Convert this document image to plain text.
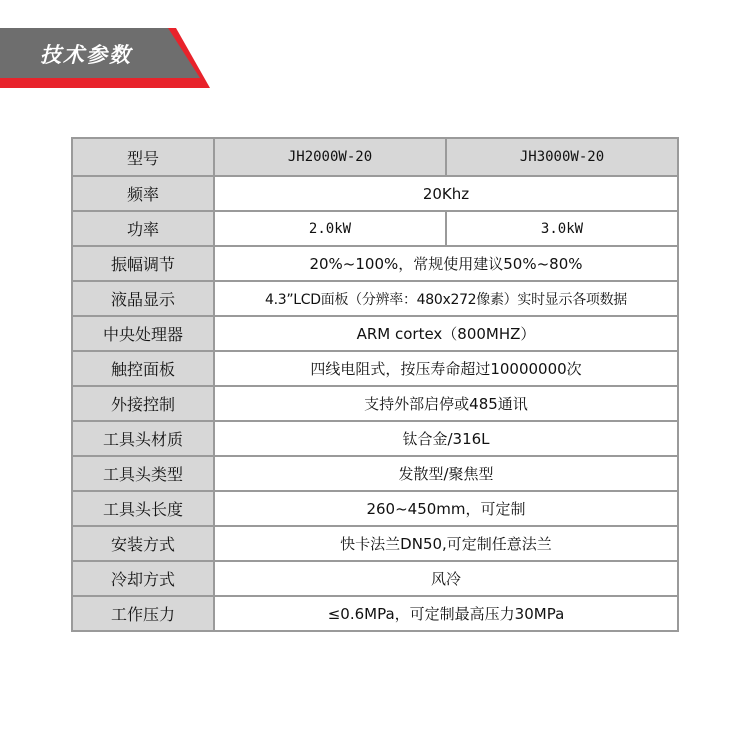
技术参数
型号	JH2000W-20	JH3000W-20
频率	20Khz	
功率	2.0kW	3.0kW
振幅调节	20%~100%，常规使用建议50%~80%	
液晶显示	4.3”LCD面板（分辨率：480x272像素）实时显示各项数据	
中央处理器	ARM cortex（800MHZ）	
触控面板	四线电阻式，按压寿命超过10000000次	
外接控制	支持外部启停或485通讯	
工具头材质	钛合金/316L	
工具头类型	发散型/聚焦型	
工具头长度	260~450mm，可定制	
安装方式	快卡法兰DN50,可定制任意法兰	
冷却方式	风冷	
工作压力	≤0.6MPa，可定制最高压力30MPa	
